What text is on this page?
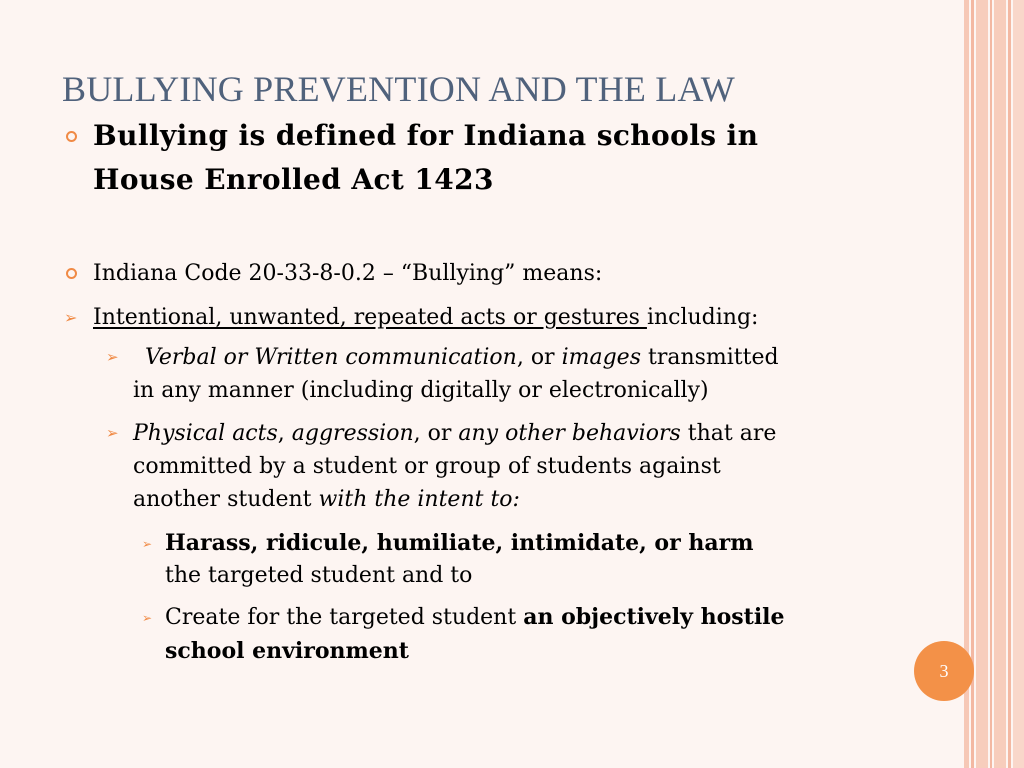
BULLYING PREVENTION AND THE LAW
Bullying is defined for Indiana schools in
House Enrolled Act 1423
Indiana Code 20-33-8-0.2 – “Bullying” means:
➢ Intentional, unwanted, repeated acts or gestures including:
➢ Verbal or Written communication, or images transmitted
in any manner (including digitally or electronically)
➢ Physical acts, aggression, or any other behaviors that are
committed by a student or group of students against
another student with the intent to:
➢ Harass, ridicule, humiliate, intimidate, or harm
the targeted student and to
➢ Create for the targeted student an objectively hostile
school environment
3
